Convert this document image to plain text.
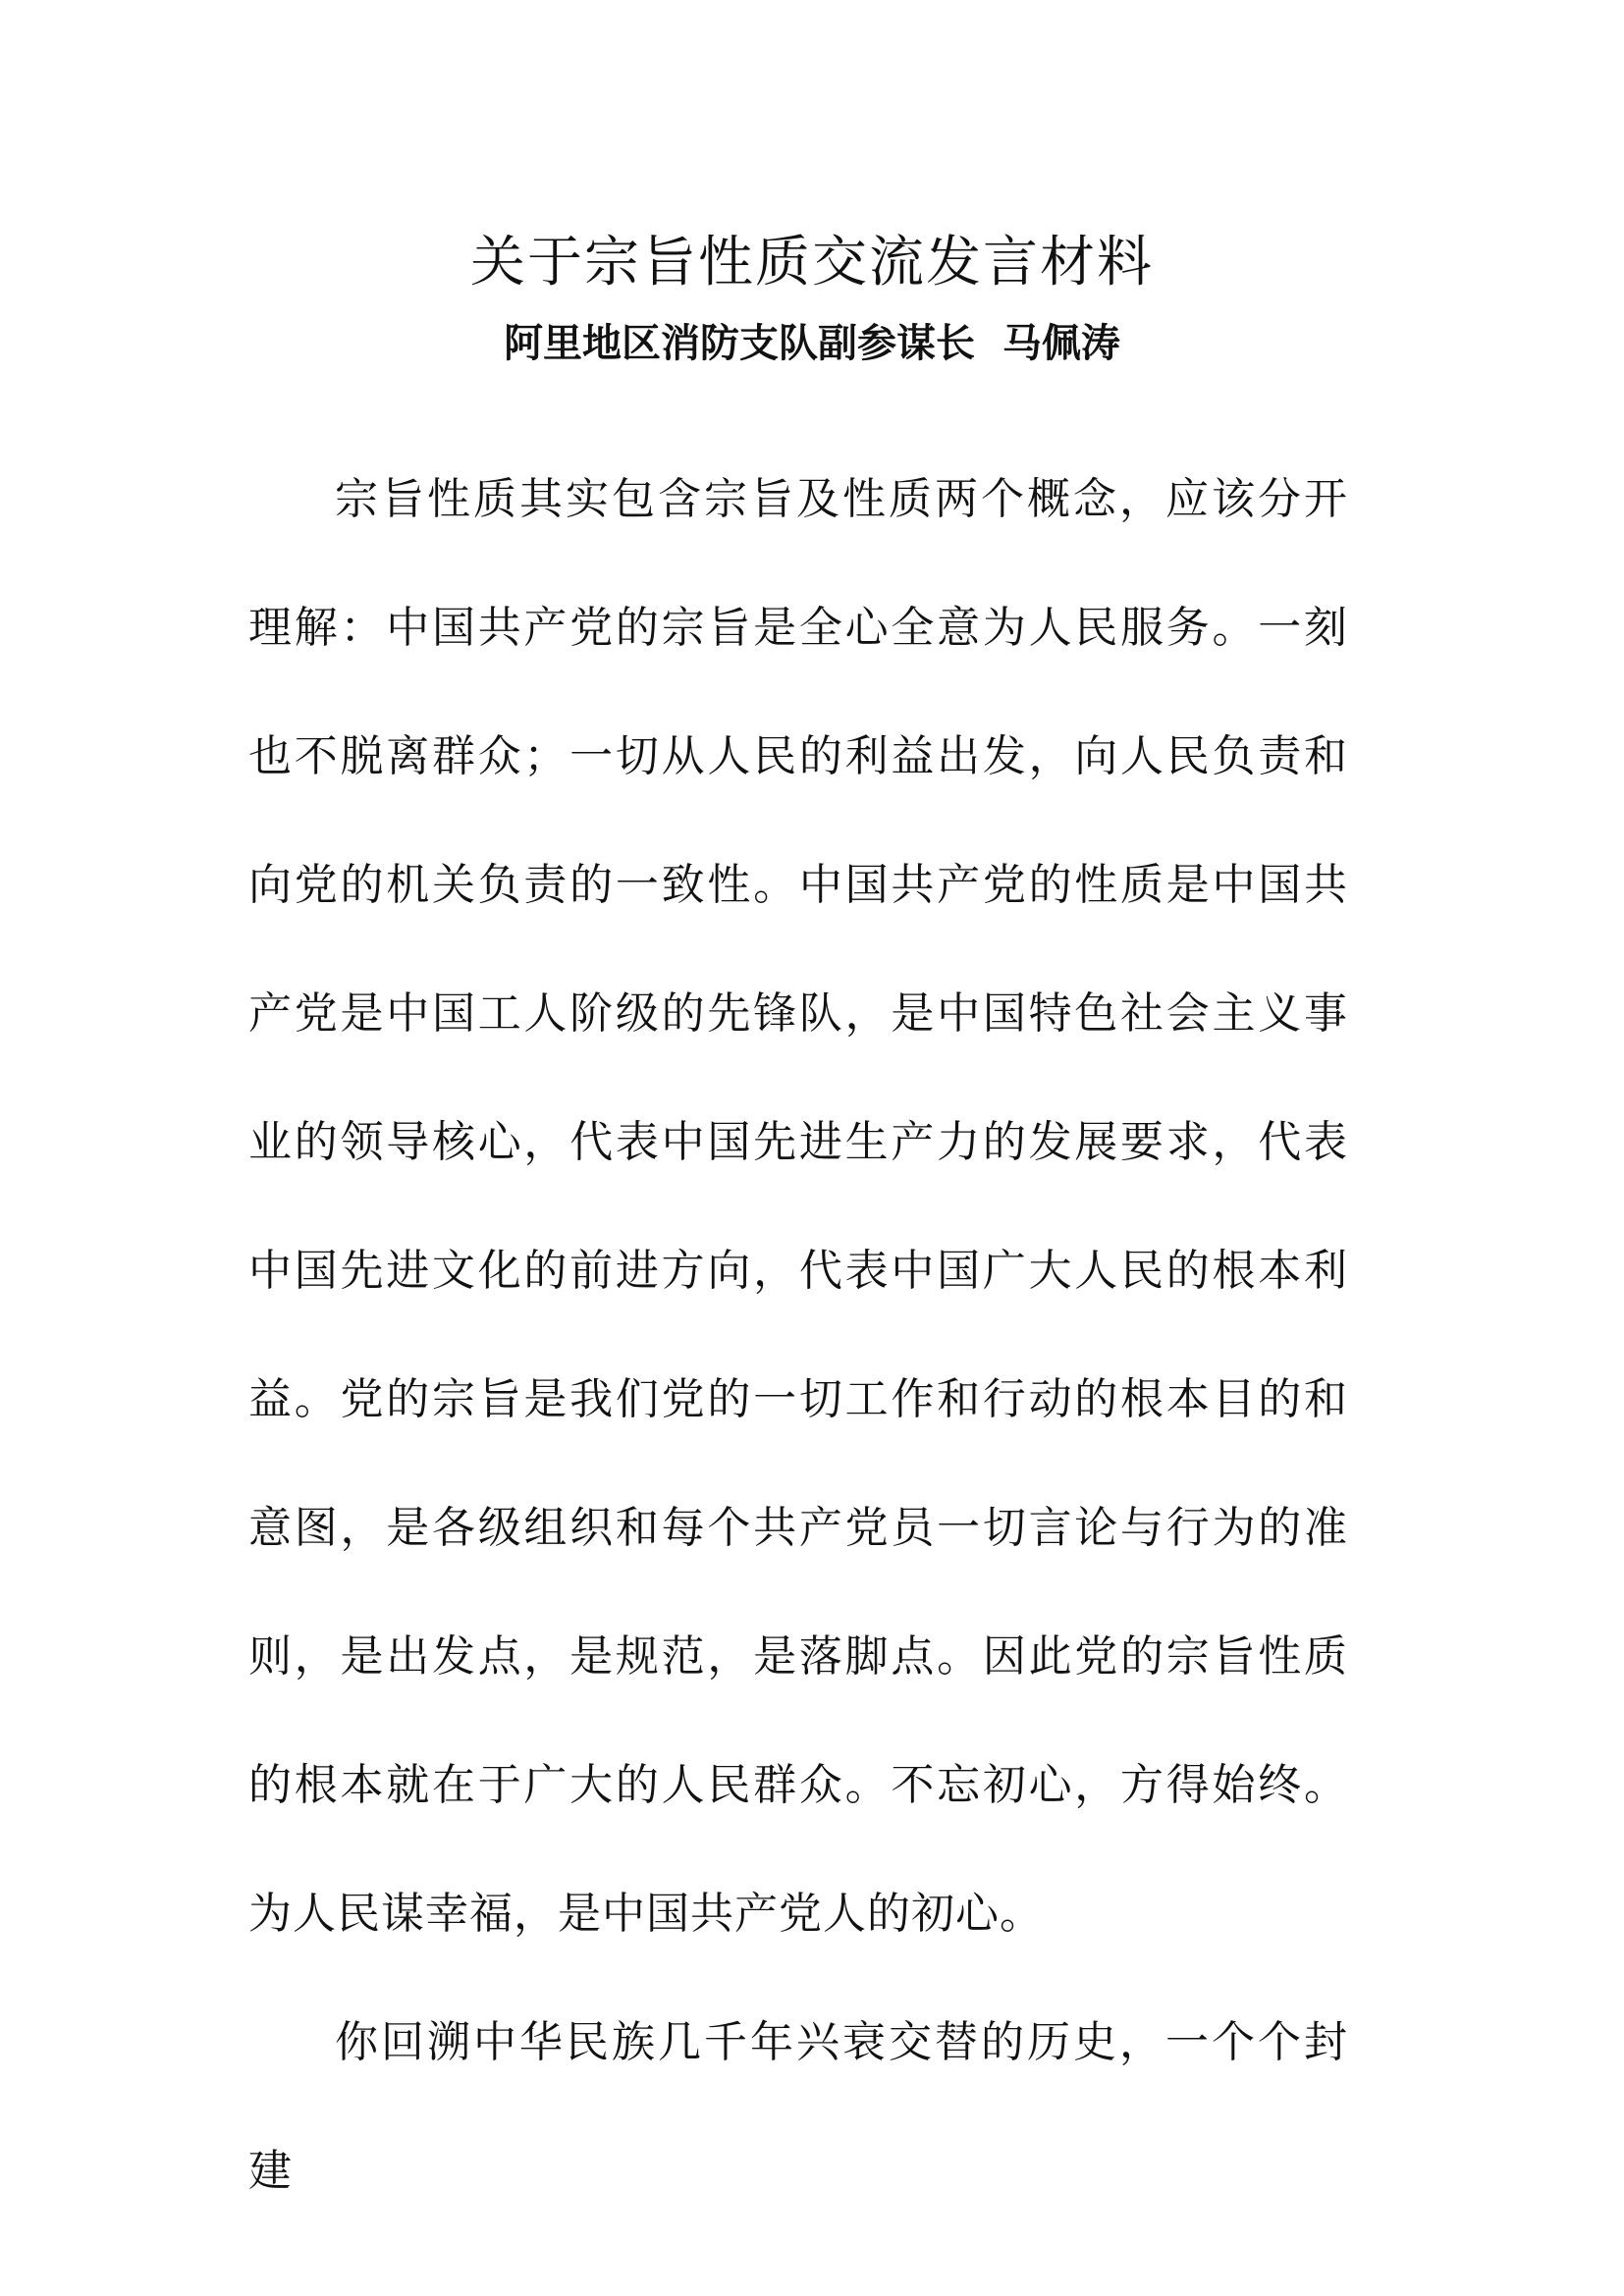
关于宗旨性质交流发言材料
阿里地区消防支队副参谋长  马佩涛

宗旨性质其实包含宗旨及性质两个概念，应该分开理解：中国共产党的宗旨是全心全意为人民服务。一刻也不脱离群众；一切从人民的利益出发，向人民负责和向党的机关负责的一致性。中国共产党的性质是中国共产党是中国工人阶级的先锋队，是中国特色社会主义事业的领导核心，代表中国先进生产力的发展要求，代表中国先进文化的前进方向，代表中国广大人民的根本利益。党的宗旨是我们党的一切工作和行动的根本目的和意图，是各级组织和每个共产党员一切言论与行为的准则，是出发点，是规范，是落脚点。因此党的宗旨性质的根本就在于广大的人民群众。不忘初心，方得始终。为人民谋幸福，是中国共产党人的初心。

你回溯中华民族几千年兴衰交替的历史，一个个封建
